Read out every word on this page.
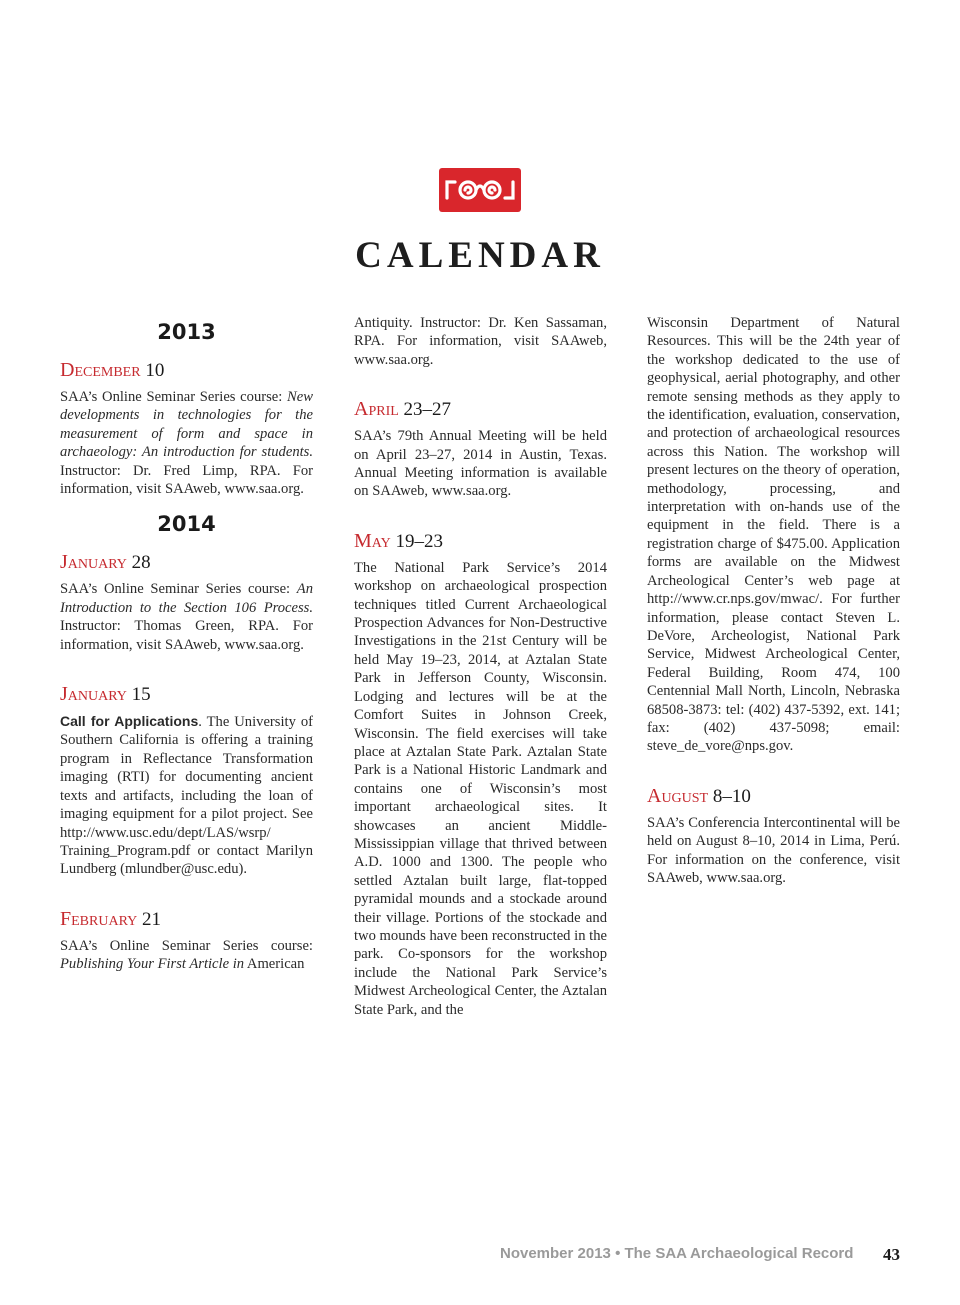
CALENDAR
2013
December 10

SAA’s Online Seminar Series course: New developments in technologies for the measurement of form and space in archaeology: An introduction for students. Instructor: Dr. Fred Limp, RPA. For information, visit SAAweb, www.saa.org.

2014
January 28

SAA’s Online Seminar Series course: An Introduction to the Section 106 Process. Instructor: Thomas Green, RPA. For information, visit SAAweb, www.saa.org.

January 15

Call for Applications. The University of Southern California is offering a training program in Reflectance Transformation imaging (RTI) for documenting ancient texts and artifacts, including the loan of imaging equipment for a pilot project. See http://www.usc.edu/dept/LAS/wsrp/ Training_Program.pdf or contact Marilyn Lundberg (mlundber@usc.edu).

February 21

SAA’s Online Seminar Series course: Publishing Your First Article in American

Antiquity. Instructor: Dr. Ken Sassaman, RPA. For information, visit SAAweb, www.saa.org.

April 23–27

SAA’s 79th Annual Meeting will be held on April 23–27, 2014 in Austin, Texas. Annual Meeting information is available on SAAweb, www.saa.org.

May 19–23

The National Park Service’s 2014 workshop on archaeological prospection techniques titled Current Archaeological Prospection Advances for Non-Destructive Investigations in the 21st Century will be held May 19–23, 2014, at Aztalan State Park in Jefferson County, Wisconsin. Lodging and lectures will be at the Comfort Suites in Johnson Creek, Wisconsin. The field exercises will take place at Aztalan State Park. Aztalan State Park is a National Historic Landmark and contains one of Wisconsin’s most important archaeological sites. It showcases an ancient Middle-Mississippian village that thrived between A.D. 1000 and 1300. The people who settled Aztalan built large, flat-topped pyramidal mounds and a stockade around their village. Portions of the stockade and two mounds have been reconstructed in the park. Co-sponsors for the workshop include the National Park Service’s Midwest Archeological Center, the Aztalan State Park, and the

Wisconsin Department of Natural Resources. This will be the 24th year of the workshop dedicated to the use of geophysical, aerial photography, and other remote sensing methods as they apply to the identification, evaluation, conservation, and protection of archaeological resources across this Nation. The workshop will present lectures on the theory of operation, methodology, processing, and interpretation with on-hands use of the equipment in the field. There is a registration charge of $475.00. Application forms are available on the Midwest Archeological Center’s web page at http://www.cr.nps.gov/mwac/. For further information, please contact Steven L. DeVore, Archeologist, National Park Service, Midwest Archeological Center, Federal Building, Room 474, 100 Centennial Mall North, Lincoln, Nebraska 68508-3873: tel: (402) 437-5392, ext. 141; fax: (402) 437-5098; email: steve_de_vore@nps.gov.

August 8–10

SAA’s Conferencia Intercontinental will be held on August 8–10, 2014 in Lima, Perú. For information on the conference, visit SAAweb, www.saa.org.

November 2013 • The SAA Archaeological Record 43
